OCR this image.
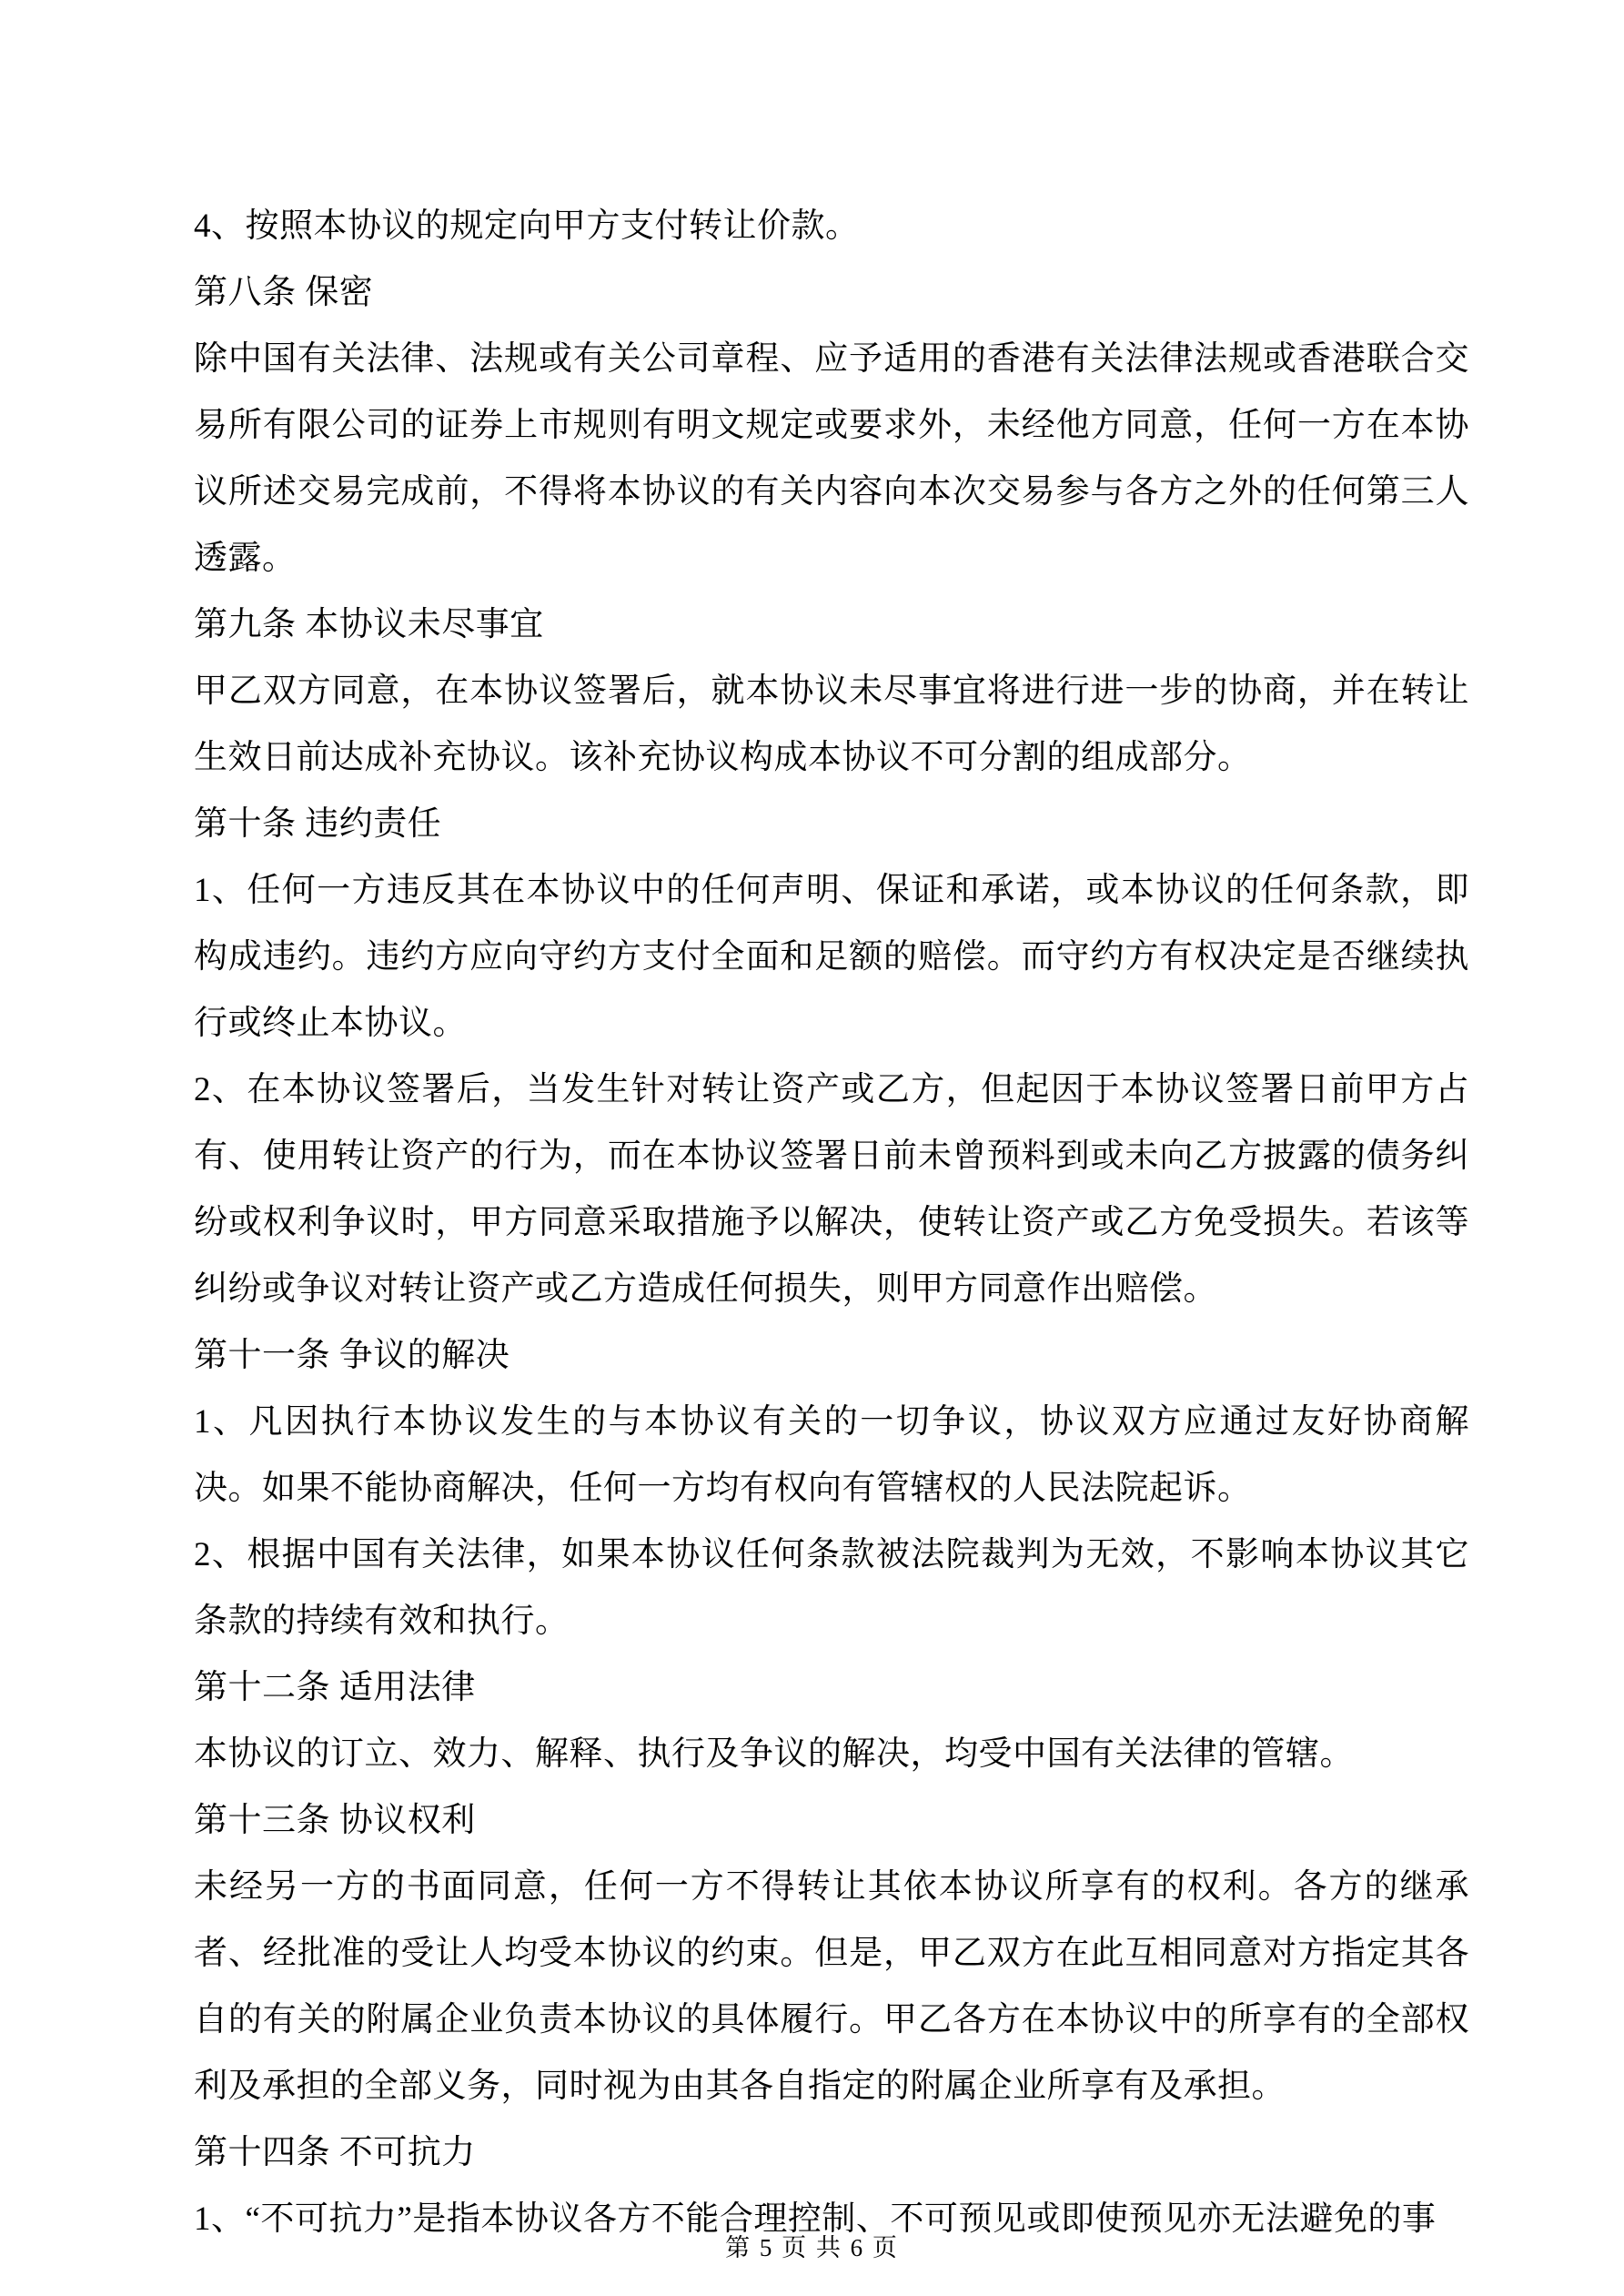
4、按照本协议的规定向甲方支付转让价款。

第八条 保密

除中国有关法律、法规或有关公司章程、应予适用的香港有关法律法规或香港联合交易所有限公司的证券上市规则有明文规定或要求外，未经他方同意，任何一方在本协议所述交易完成前，不得将本协议的有关内容向本次交易参与各方之外的任何第三人透露。

第九条 本协议未尽事宜

甲乙双方同意，在本协议签署后，就本协议未尽事宜将进行进一步的协商，并在转让生效日前达成补充协议。该补充协议构成本协议不可分割的组成部分。

第十条 违约责任

1、任何一方违反其在本协议中的任何声明、保证和承诺，或本协议的任何条款，即构成违约。违约方应向守约方支付全面和足额的赔偿。而守约方有权决定是否继续执行或终止本协议。

2、在本协议签署后，当发生针对转让资产或乙方，但起因于本协议签署日前甲方占有、使用转让资产的行为，而在本协议签署日前未曾预料到或未向乙方披露的债务纠纷或权利争议时，甲方同意采取措施予以解决，使转让资产或乙方免受损失。若该等纠纷或争议对转让资产或乙方造成任何损失，则甲方同意作出赔偿。

第十一条 争议的解决

1、凡因执行本协议发生的与本协议有关的一切争议，协议双方应通过友好协商解决。如果不能协商解决，任何一方均有权向有管辖权的人民法院起诉。

2、根据中国有关法律，如果本协议任何条款被法院裁判为无效，不影响本协议其它条款的持续有效和执行。

第十二条 适用法律

本协议的订立、效力、解释、执行及争议的解决，均受中国有关法律的管辖。

第十三条 协议权利

未经另一方的书面同意，任何一方不得转让其依本协议所享有的权利。各方的继承者、经批准的受让人均受本协议的约束。但是，甲乙双方在此互相同意对方指定其各自的有关的附属企业负责本协议的具体履行。甲乙各方在本协议中的所享有的全部权利及承担的全部义务，同时视为由其各自指定的附属企业所享有及承担。

第十四条 不可抗力

1、“不可抗力”是指本协议各方不能合理控制、不可预见或即使预见亦无法避免的事

第 5 页 共 6 页
